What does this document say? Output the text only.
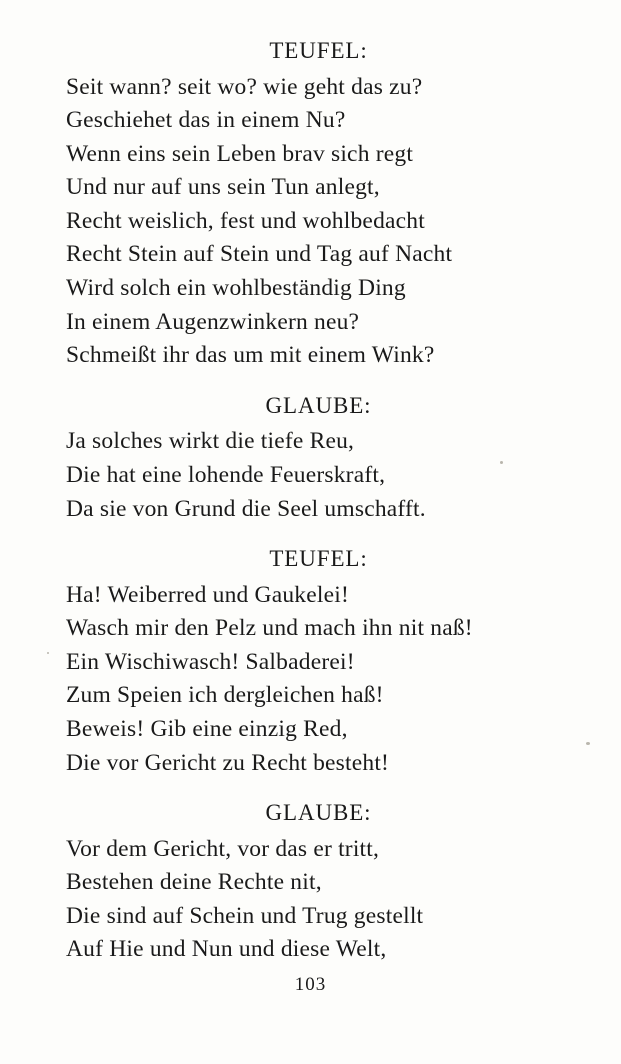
TEUFEL:
Seit wann? seit wo? wie geht das zu?
Geschiehet das in einem Nu?
Wenn eins sein Leben brav sich regt
Und nur auf uns sein Tun anlegt,
Recht weislich, fest und wohlbedacht
Recht Stein auf Stein und Tag auf Nacht
Wird solch ein wohlbeständig Ding
In einem Augenzwinkern neu?
Schmeißt ihr das um mit einem Wink?
GLAUBE:
Ja solches wirkt die tiefe Reu,
Die hat eine lohende Feuerskraft,
Da sie von Grund die Seel umschafft.
TEUFEL:
Ha! Weiberred und Gaukelei!
Wasch mir den Pelz und mach ihn nit naß!
Ein Wischiwasch! Salbaderei!
Zum Speien ich dergleichen haß!
Beweis! Gib eine einzig Red,
Die vor Gericht zu Recht besteht!
GLAUBE:
Vor dem Gericht, vor das er tritt,
Bestehen deine Rechte nit,
Die sind auf Schein und Trug gestellt
Auf Hie und Nun und diese Welt,
103
